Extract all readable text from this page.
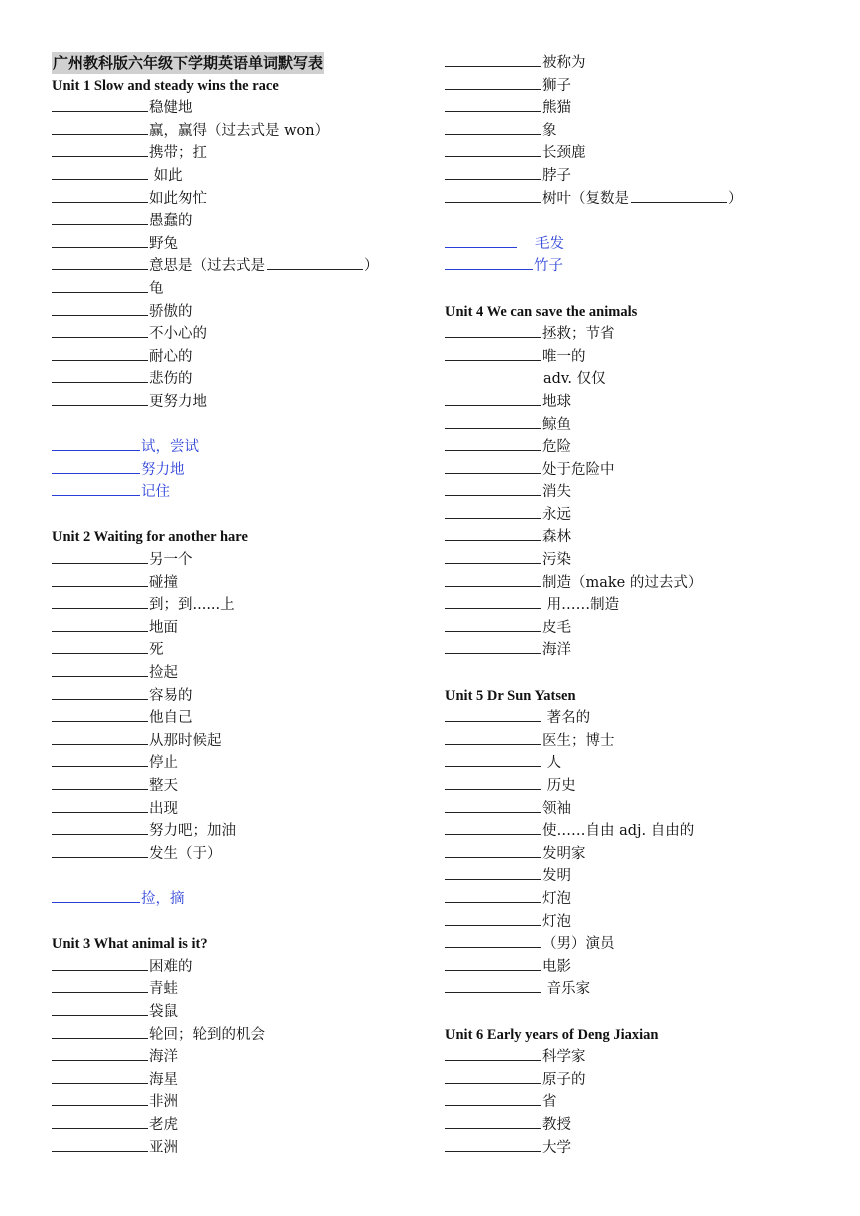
广州教科版六年级下学期英语单词默写表
Unit 1 Slow and steady wins the race
稳健地
赢，赢得（过去式是 won）
携带；扛
如此
如此匆忙
愚蠢的
野兔
意思是（过去式是	）
龟
骄傲的
不小心的
耐心的
悲伤的
更努力地
试，尝试
努力地
记住
Unit 2 Waiting for another hare
另一个
碰撞
到；到......上
地面
死
捡起
容易的
他自己
从那时候起
停止
整天
出现
努力吧；加油
发生（于）
捡，摘
Unit 3 What animal is it?
困难的
青蛙
袋鼠
轮回；轮到的机会
海洋
海星
非洲
老虎
亚洲
被称为
狮子
熊猫
象
长颈鹿
脖子
树叶（复数是	）
毛发
竹子
Unit 4 We can save the animals
拯救；节省
唯一的
adv. 仅仅
地球
鲸鱼
危险
处于危险中
消失
永远
森林
污染
制造（make 的过去式）
用……制造
皮毛
海洋
Unit 5 Dr Sun Yatsen
著名的
医生；博士
人
历史
领袖
使……自由 adj. 自由的
发明家
发明
灯泡
灯泡
（男）演员
电影
音乐家
Unit 6 Early years of Deng Jiaxian
科学家
原子的
省
教授
大学
